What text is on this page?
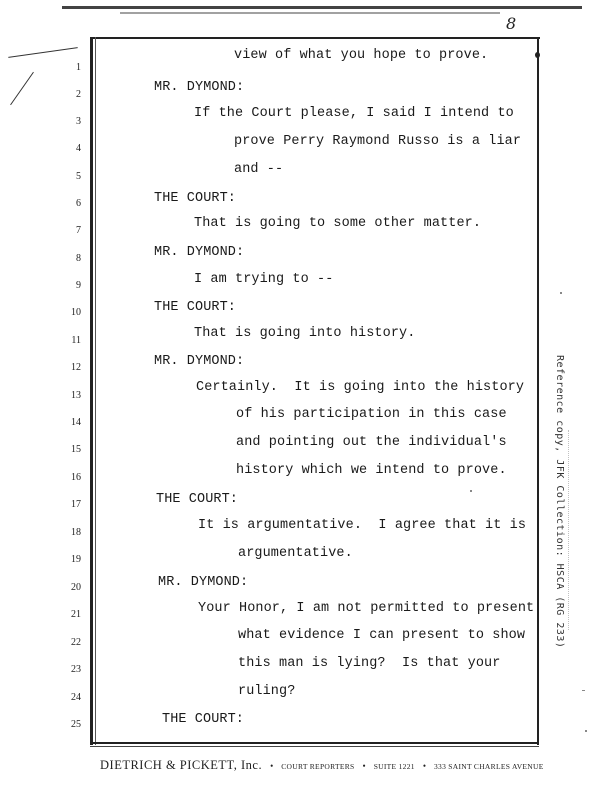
8
1
2
3
4
5
6
7
8
9
10
11
12
13
14
15
16
17
18
19
20
21
22
23
24
25
view of what you hope to prove.
MR. DYMOND:
If the Court please, I said I intend to
prove Perry Raymond Russo is a liar
and --
THE COURT:
That is going to some other matter.
MR. DYMOND:
I am trying to --
THE COURT:
That is going into history.
MR. DYMOND:
Certainly.  It is going into the history
of his participation in this case
and pointing out the individual's
history which we intend to prove.
THE COURT:
It is argumentative.  I agree that it is
argumentative.
MR. DYMOND:
Your Honor, I am not permitted to present
what evidence I can present to show
this man is lying?  Is that your
ruling?
THE COURT:
DIETRICH & PICKETT, Inc. • COURT REPORTERS • SUITE 1221 • 333 SAINT CHARLES AVENUE
Reference copy, JFK Collection: HSCA (RG 233)
